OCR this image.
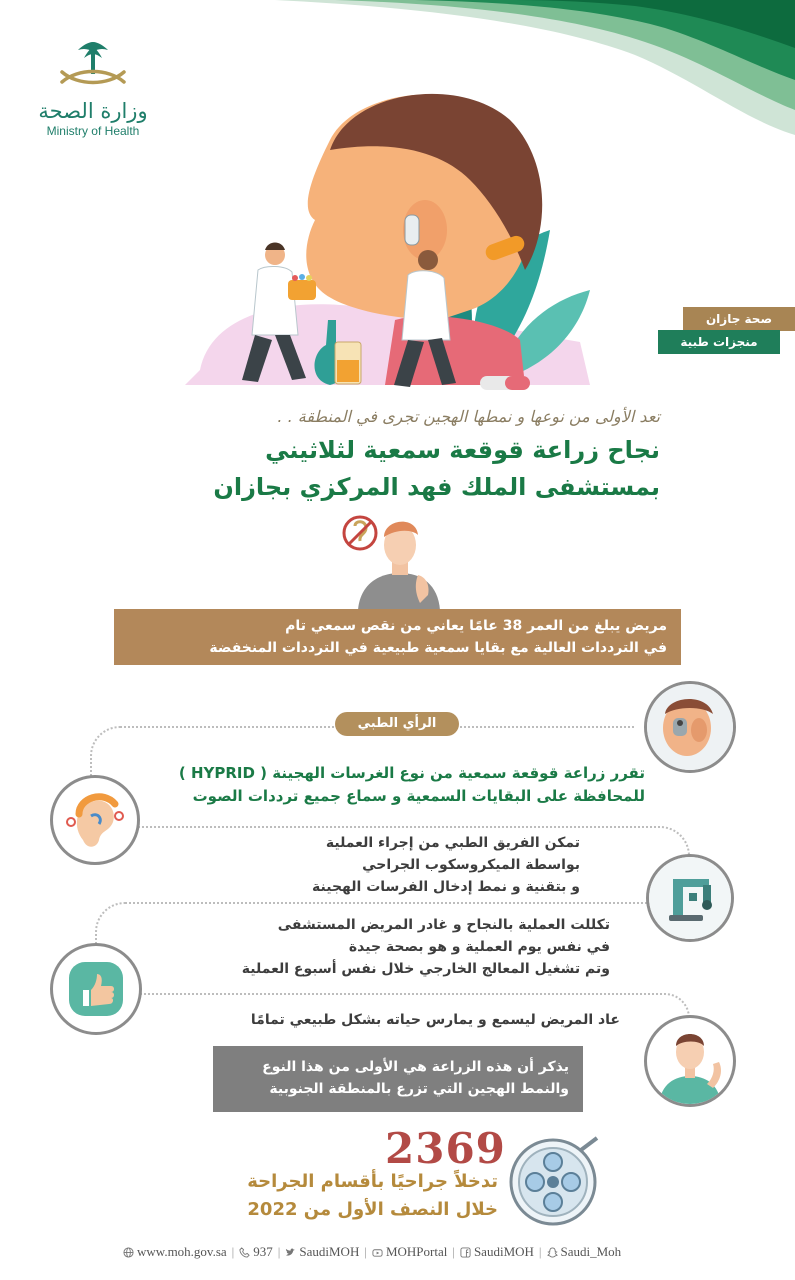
وزارة الصحة
Ministry of Health
صحة جازان
منجزات طبية
تعد الأولى من نوعها و نمطها الهجين تجرى في المنطقة . .
نجاح زراعة قوقعة سمعية لثلاثيني
بمستشفى الملك فهد المركزي بجازان
مريض يبلغ من العمر 38 عامًا يعاني من نقص سمعي تام
في الترددات العالية مع بقايا سمعية طبيعية في الترددات المنخفضة
الرأي الطبي
تقرر زراعة قوقعة سمعية من نوع الغرسات الهجينة ( HYPRID )
للمحافظة على البقايات السمعية و سماع جميع ترددات الصوت
تمكن الفريق الطبي من إجراء العملية
بواسطة الميكروسكوب الجراحي
و بتقنية و نمط إدخال الفرسات الهجينة
تكللت العملية بالنجاح و غادر المريض المستشفى
في نفس يوم العملية و هو بصحة جيدة
وتم تشغيل المعالج الخارجي خلال نفس أسبوع العملية
عاد المريض ليسمع و يمارس حياته بشكل طبيعي تمامًا
يذكر أن هذه الزراعة هي الأولى من هذا النوع
والنمط الهجين التي تزرع بالمنطقة الجنوبية
2369
تدخلاً جراحيًا بأقسام الجراحة
خلال النصف الأول من 2022
www.moh.gov.sa | 937 | SaudiMOH | MOHPortal | SaudiMOH | Saudi_Moh
